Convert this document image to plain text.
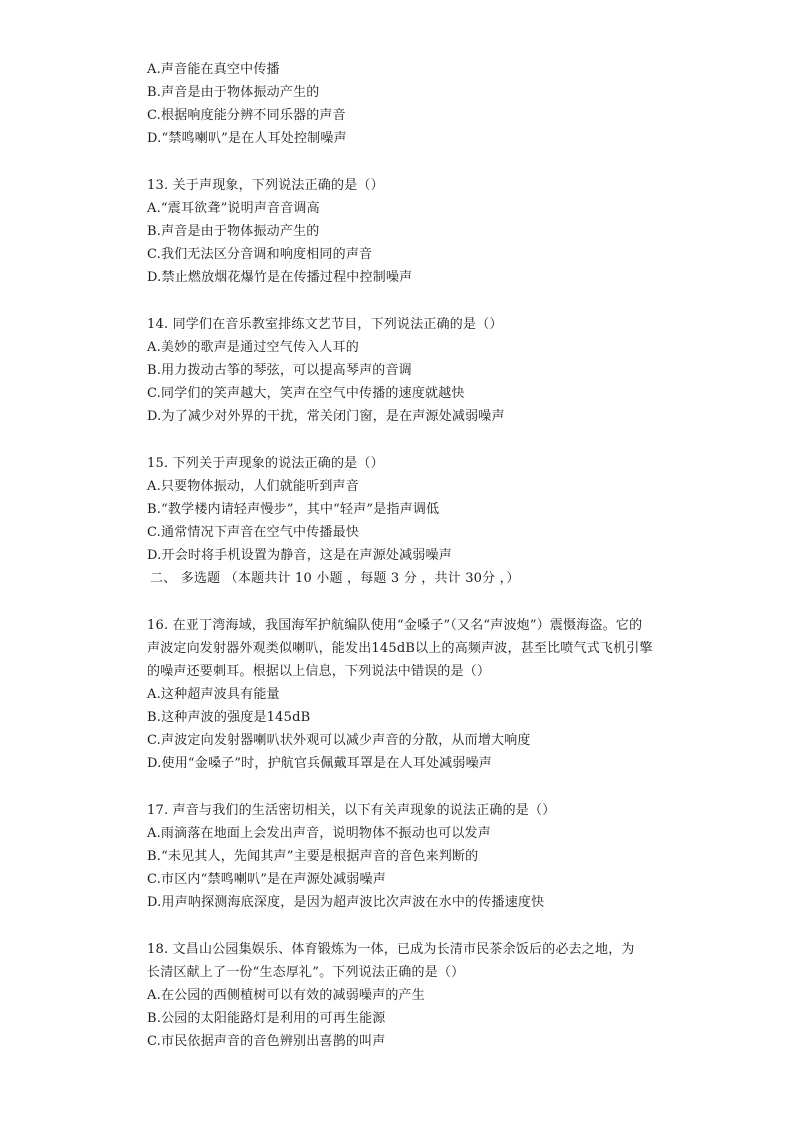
A.声音能在真空中传播
B.声音是由于物体振动产生的
C.根据响度能分辨不同乐器的声音
D.“禁鸣喇叭”是在人耳处控制噪声
13. 关于声现象，下列说法正确的是（）
A.“震耳欲聋”说明声音音调高
B.声音是由于物体振动产生的
C.我们无法区分音调和响度相同的声音
D.禁止燃放烟花爆竹是在传播过程中控制噪声
14. 同学们在音乐教室排练文艺节目，下列说法正确的是（）
A.美妙的歌声是通过空气传入人耳的
B.用力拨动古筝的琴弦，可以提高琴声的音调
C.同学们的笑声越大，笑声在空气中传播的速度就越快
D.为了减少对外界的干扰，常关闭门窗，是在声源处减弱噪声
15. 下列关于声现象的说法正确的是（）
A.只要物体振动，人们就能听到声音
B.“教学楼内请轻声慢步”，其中“轻声”是指声调低
C.通常情况下声音在空气中传播最快
D.开会时将手机设置为静音，这是在声源处减弱噪声
二、 多选题 （本题共计 10 小题 ，每题 3 分 ，共计 30分 ，）
16. 在亚丁湾海域，我国海军护航编队使用“金嗓子”（又名“声波炮”）震慑海盗。它的
声波定向发射器外观类似喇叭，能发出145dB以上的高频声波，甚至比喷气式飞机引擎
的噪声还要刺耳。根据以上信息，下列说法中错误的是（）
A.这种超声波具有能量
B.这种声波的强度是145dB
C.声波定向发射器喇叭状外观可以减少声音的分散，从而增大响度
D.使用“金嗓子”时，护航官兵佩戴耳罩是在人耳处减弱噪声
17. 声音与我们的生活密切相关，以下有关声现象的说法正确的是（）
A.雨滴落在地面上会发出声音，说明物体不振动也可以发声
B.“未见其人，先闻其声”主要是根据声音的音色来判断的
C.市区内“禁鸣喇叭”是在声源处减弱噪声
D.用声呐探测海底深度，是因为超声波比次声波在水中的传播速度快
18. 文昌山公园集娱乐、体育锻炼为一体，已成为长清市民茶余饭后的必去之地，为
长清区献上了一份“生态厚礼”。下列说法正确的是（）
A.在公园的西侧植树可以有效的减弱噪声的产生
B.公园的太阳能路灯是利用的可再生能源
C.市民依据声音的音色辨别出喜鹊的叫声
